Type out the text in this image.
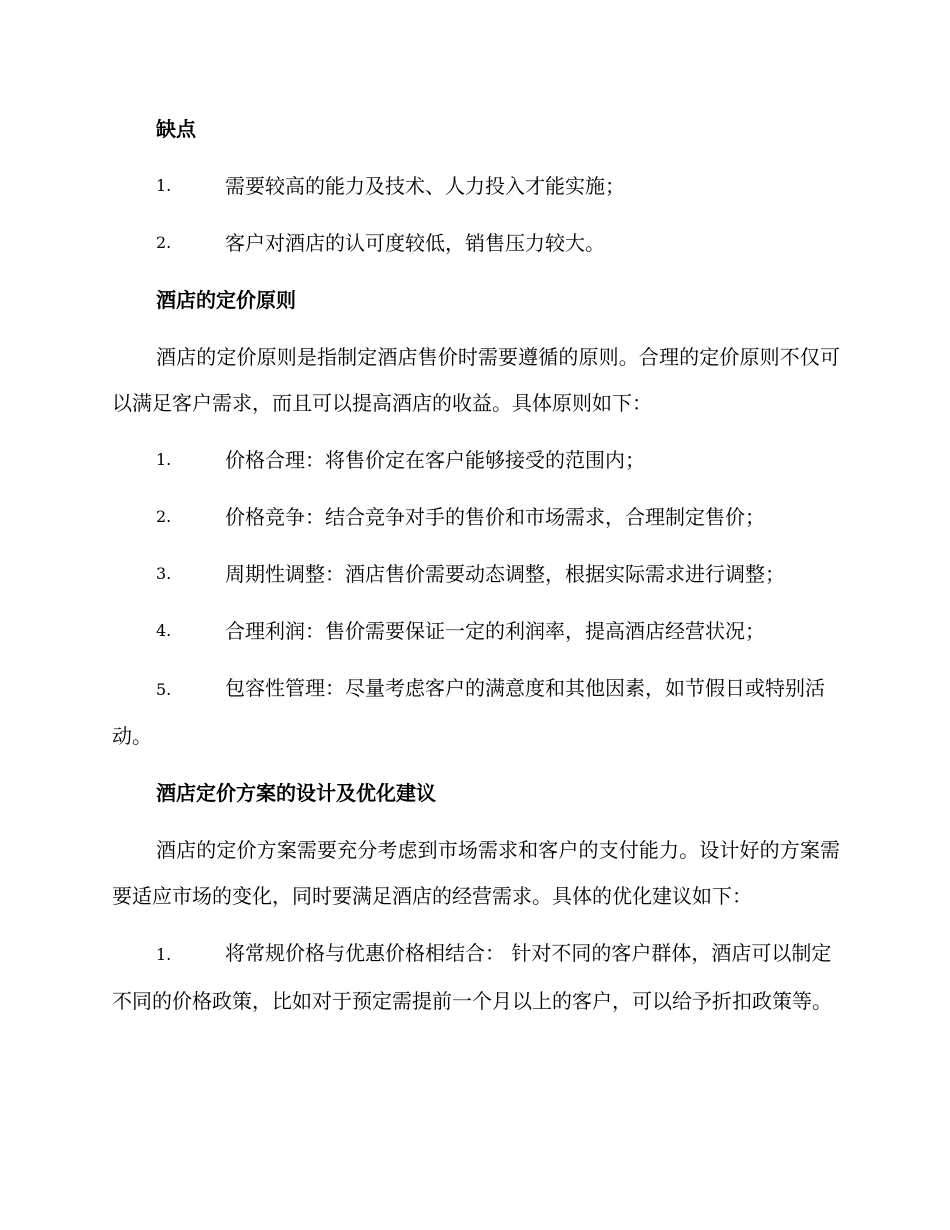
缺点
1.	需要较高的能力及技术、人力投入才能实施；
2.	客户对酒店的认可度较低，销售压力较大。
酒店的定价原则

酒店的定价原则是指制定酒店售价时需要遵循的原则。合理的定价原则不仅可以满足客户需求，而且可以提高酒店的收益。具体原则如下：

1.	价格合理：将售价定在客户能够接受的范围内；
2.	价格竞争：结合竞争对手的售价和市场需求，合理制定售价；
3.	周期性调整：酒店售价需要动态调整，根据实际需求进行调整；
4.	合理利润：售价需要保证一定的利润率，提高酒店经营状况；
5.	包容性管理：尽量考虑客户的满意度和其他因素，如节假日或特别活动。
酒店定价方案的设计及优化建议

酒店的定价方案需要充分考虑到市场需求和客户的支付能力。设计好的方案需要适应市场的变化，同时要满足酒店的经营需求。具体的优化建议如下：

1.	将常规价格与优惠价格相结合： 针对不同的客户群体，酒店可以制定不同的价格政策，比如对于预定需提前一个月以上的客户，可以给予折扣政策等。
